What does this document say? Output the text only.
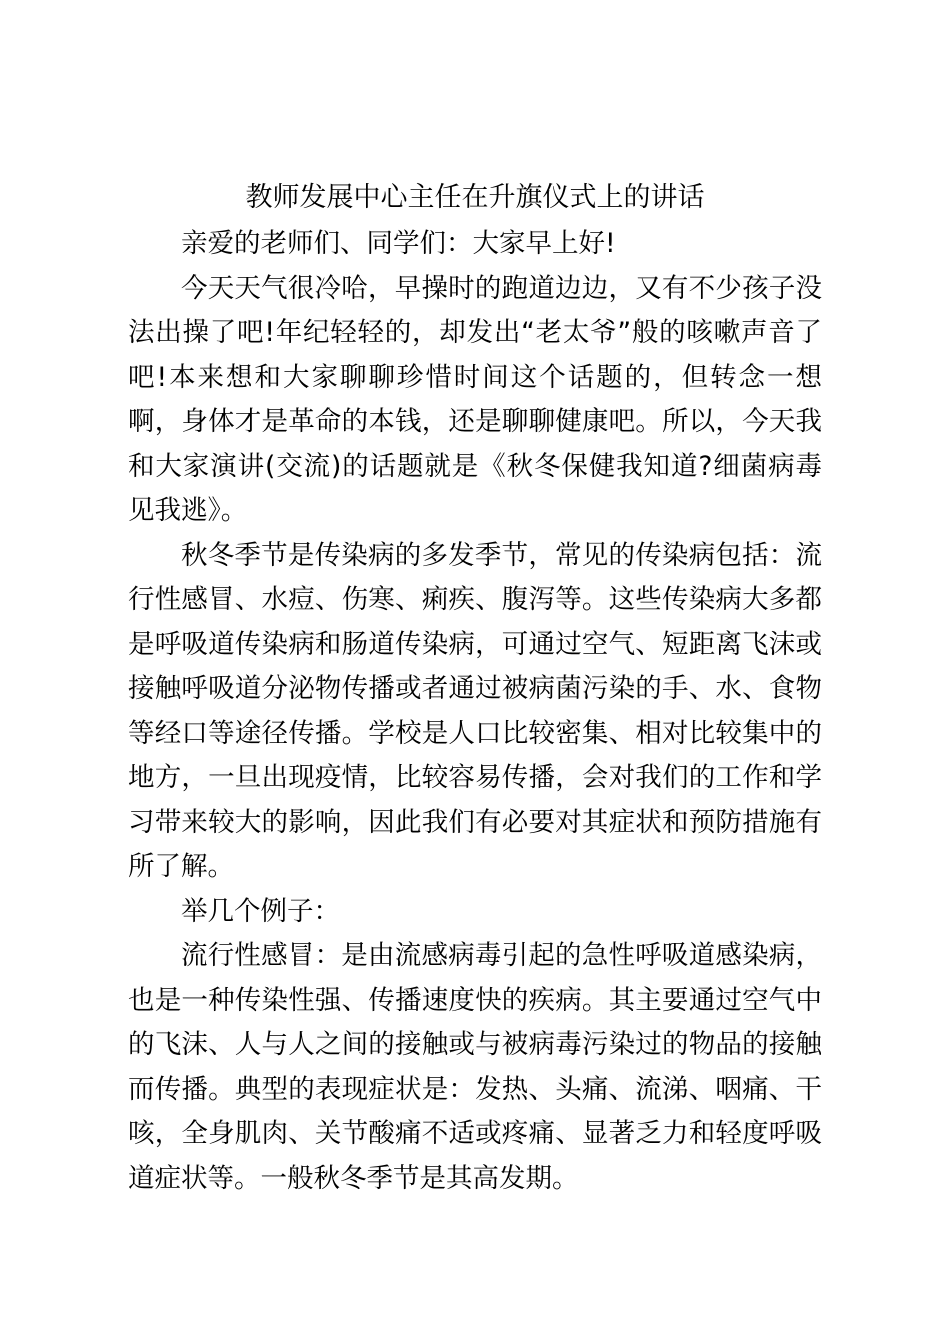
教师发展中心主任在升旗仪式上的讲话

亲爱的老师们、同学们：大家早上好!

今天天气很冷哈，早操时的跑道边边，又有不少孩子没法出操了吧!年纪轻轻的，却发出“老太爷”般的咳嗽声音了吧!本来想和大家聊聊珍惜时间这个话题的，但转念一想啊，身体才是革命的本钱，还是聊聊健康吧。所以，今天我和大家演讲(交流)的话题就是《秋冬保健我知道?细菌病毒见我逃》。

秋冬季节是传染病的多发季节，常见的传染病包括：流行性感冒、水痘、伤寒、痢疾、腹泻等。这些传染病大多都是呼吸道传染病和肠道传染病，可通过空气、短距离飞沫或接触呼吸道分泌物传播或者通过被病菌污染的手、水、食物等经口等途径传播。学校是人口比较密集、相对比较集中的地方，一旦出现疫情，比较容易传播，会对我们的工作和学习带来较大的影响，因此我们有必要对其症状和预防措施有所了解。

举几个例子：

流行性感冒：是由流感病毒引起的急性呼吸道感染病，也是一种传染性强、传播速度快的疾病。其主要通过空气中的飞沫、人与人之间的接触或与被病毒污染过的物品的接触而传播。典型的表现症状是：发热、头痛、流涕、咽痛、干咳，全身肌肉、关节酸痛不适或疼痛、显著乏力和轻度呼吸道症状等。一般秋冬季节是其高发期。
